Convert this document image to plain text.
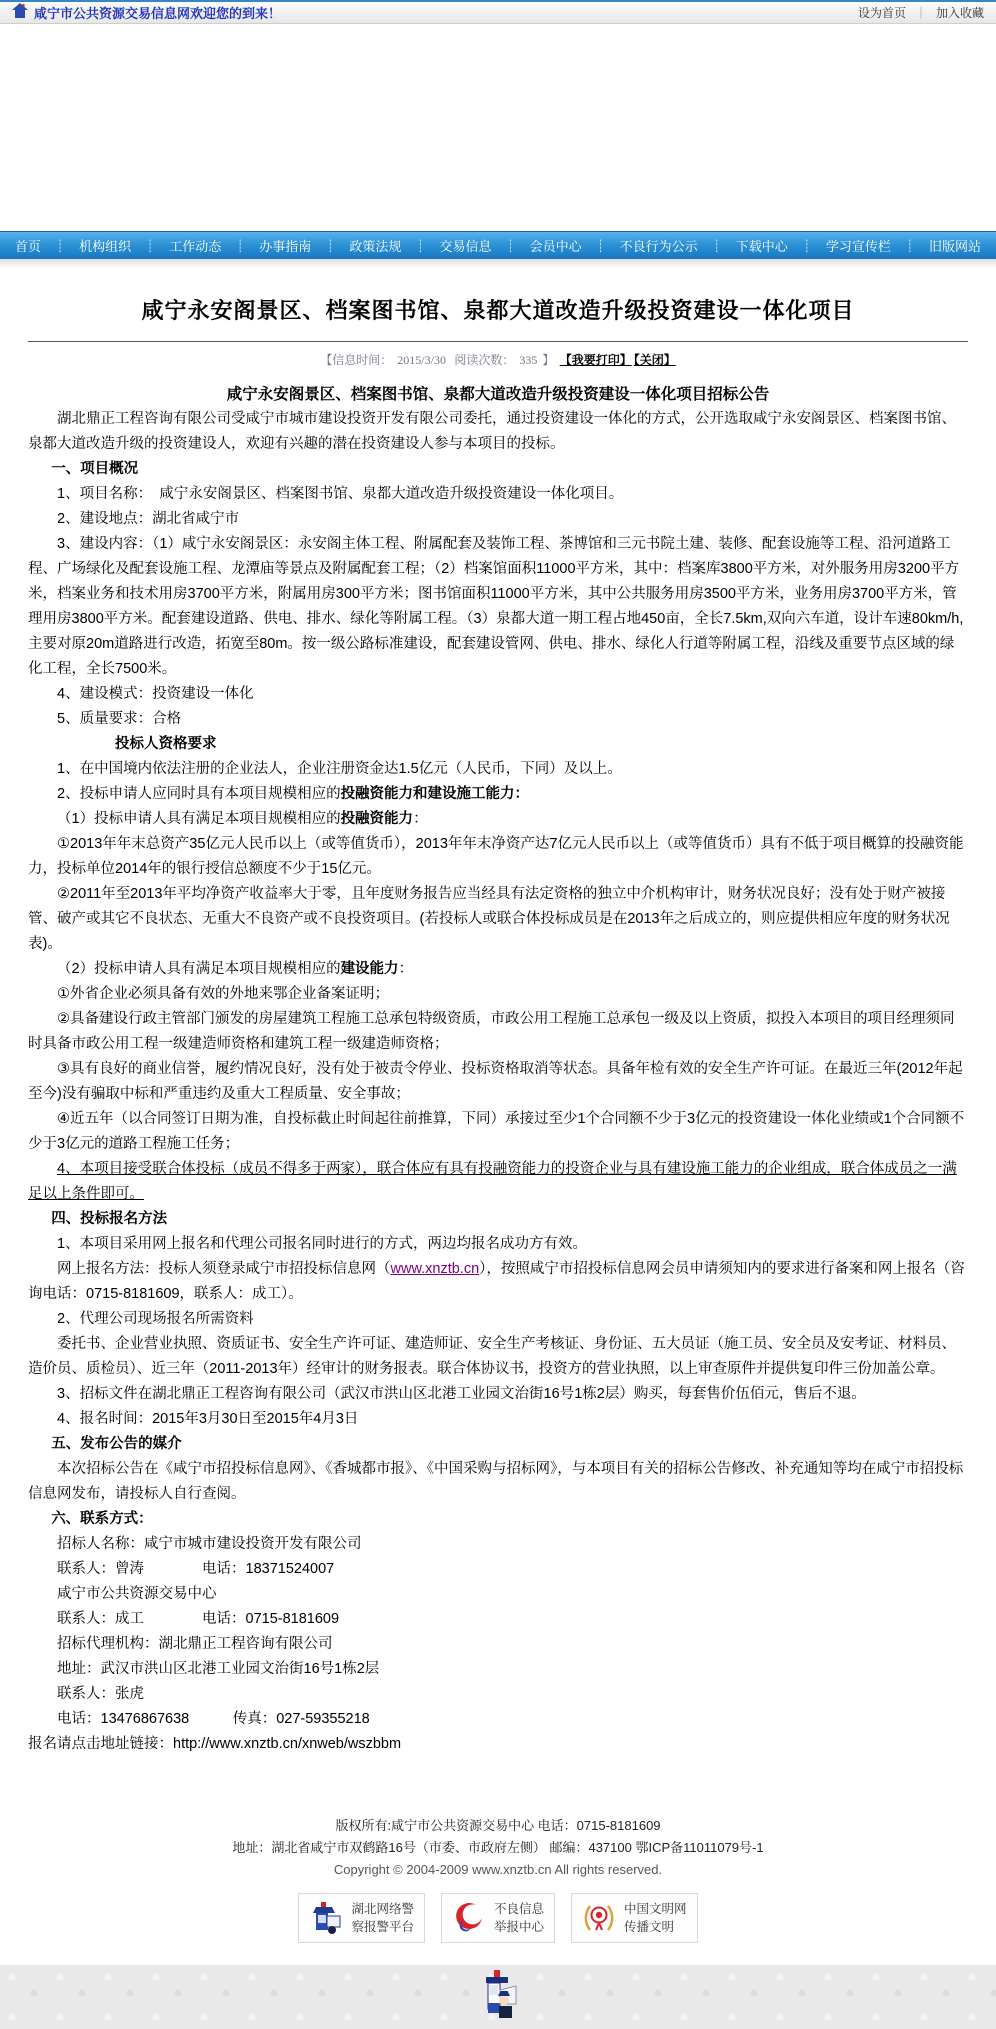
咸宁市公共资源交易信息网欢迎您的到来！	设为首页 ｜ 加入收藏
首页	┊	机构组织	┊	工作动态	┊	办事指南	┊	政策法规	┊	交易信息	┊	会员中心	┊	不良行为公示	┊	下载中心	┊	学习宣传栏	┊	旧版网站
咸宁永安阁景区、档案图书馆、泉都大道改造升级投资建设一体化项目
【信息时间： 2015/3/30 阅读次数： 335 】 【我要打印】 【关闭】

咸宁永安阁景区、档案图书馆、泉都大道改造升级投资建设一体化项目招标公告

湖北鼎正工程咨询有限公司受咸宁市城市建设投资开发有限公司委托，通过投资建设一体化的方式，公开选取咸宁永安阁景区、档案图书馆、泉都大道改造升级的投资建设人，欢迎有兴趣的潜在投资建设人参与本项目的投标。

一、项目概况

1、项目名称：　咸宁永安阁景区、档案图书馆、泉都大道改造升级投资建设一体化项目。

2、建设地点：湖北省咸宁市

3、建设内容：（1）咸宁永安阁景区：永安阁主体工程、附属配套及装饰工程、茶博馆和三元书院土建、装修、配套设施等工程、沿河道路工程、广场绿化及配套设施工程、龙潭庙等景点及附属配套工程；（2）档案馆面积11000平方米，其中：档案库3800平方米，对外服务用房3200平方米，档案业务和技术用房3700平方米，附属用房300平方米；图书馆面积11000平方米，其中公共服务用房3500平方米，业务用房3700平方米，管理用房3800平方米。配套建设道路、供电、排水、绿化等附属工程。（3）泉都大道一期工程占地450亩，全长7.5km,双向六车道，设计车速80km/h,主要对原20m道路进行改造，拓宽至80m。按一级公路标准建设，配套建设管网、供电、排水、绿化人行道等附属工程，沿线及重要节点区域的绿化工程，全长7500米。

4、建设模式：投资建设一体化

5、质量要求：合格

投标人资格要求

1、在中国境内依法注册的企业法人，企业注册资金达1.5亿元（人民币，下同）及以上。

2、投标申请人应同时具有本项目规模相应的投融资能力和建设施工能力：

（1）投标申请人具有满足本项目规模相应的投融资能力：

①2013年年末总资产35亿元人民币以上（或等值货币），2013年年末净资产达7亿元人民币以上（或等值货币）具有不低于项目概算的投融资能力，投标单位2014年的银行授信总额度不少于15亿元。

②2011年至2013年平均净资产收益率大于零，且年度财务报告应当经具有法定资格的独立中介机构审计，财务状况良好；没有处于财产被接管、破产或其它不良状态、无重大不良资产或不良投资项目。(若投标人或联合体投标成员是在2013年之后成立的，则应提供相应年度的财务状况表)。

（2）投标申请人具有满足本项目规模相应的建设能力：

①外省企业必须具备有效的外地来鄂企业备案证明；

②具备建设行政主管部门颁发的房屋建筑工程施工总承包特级资质，市政公用工程施工总承包一级及以上资质，拟投入本项目的项目经理须同时具备市政公用工程一级建造师资格和建筑工程一级建造师资格；

③具有良好的商业信誉，履约情况良好，没有处于被责令停业、投标资格取消等状态。具备年检有效的安全生产许可证。在最近三年(2012年起至今)没有骗取中标和严重违约及重大工程质量、安全事故；

④近五年（以合同签订日期为准，自投标截止时间起往前推算，下同）承接过至少1个合同额不少于3亿元的投资建设一体化业绩或1个合同额不少于3亿元的道路工程施工任务；

4、本项目接受联合体投标（成员不得多于两家），联合体应有具有投融资能力的投资企业与具有建设施工能力的企业组成，联合体成员之一满足以上条件即可。

四、投标报名方法

1、本项目采用网上报名和代理公司报名同时进行的方式，两边均报名成功方有效。

网上报名方法：投标人须登录咸宁市招投标信息网（www.xnztb.cn），按照咸宁市招投标信息网会员申请须知内的要求进行备案和网上报名（咨询电话：0715-8181609，联系人：成工）。

2、代理公司现场报名所需资料

委托书、企业营业执照、资质证书、安全生产许可证、建造师证、安全生产考核证、身份证、五大员证（施工员、安全员及安考证、材料员、造价员、质检员）、近三年（2011-2013年）经审计的财务报表。联合体协议书，投资方的营业执照，以上审查原件并提供复印件三份加盖公章。

3、招标文件在湖北鼎正工程咨询有限公司（武汉市洪山区北港工业园文治街16号1栋2层）购买，每套售价伍佰元，售后不退。

4、报名时间：2015年3月30日至2015年4月3日

五、发布公告的媒介

本次招标公告在《咸宁市招投标信息网》、《香城都市报》、《中国采购与招标网》，与本项目有关的招标公告修改、补充通知等均在咸宁市招投标信息网发布，请投标人自行查阅。

六、联系方式：

招标人名称：咸宁市城市建设投资开发有限公司

联系人：曾涛　　　　电话：18371524007

咸宁市公共资源交易中心

联系人：成工　　　　电话：0715-8181609

招标代理机构：湖北鼎正工程咨询有限公司

地址：武汉市洪山区北港工业园文治街16号1栋2层

联系人：张虎

电话：13476867638　　　传真：027-59355218

报名请点击地址链接：http://www.xnztb.cn/xnweb/wszbbm

版权所有:咸宁市公共资源交易中心 电话：0715-8181609

地址：湖北省咸宁市双鹤路16号（市委、市政府左侧） 邮编：437100 鄂ICP备11011079号-1

Copyright © 2004-2009 www.xnztb.cn All rights reserved.

湖北网络警
察报警平台
不良信息
举报中心
中国文明网
传播文明
